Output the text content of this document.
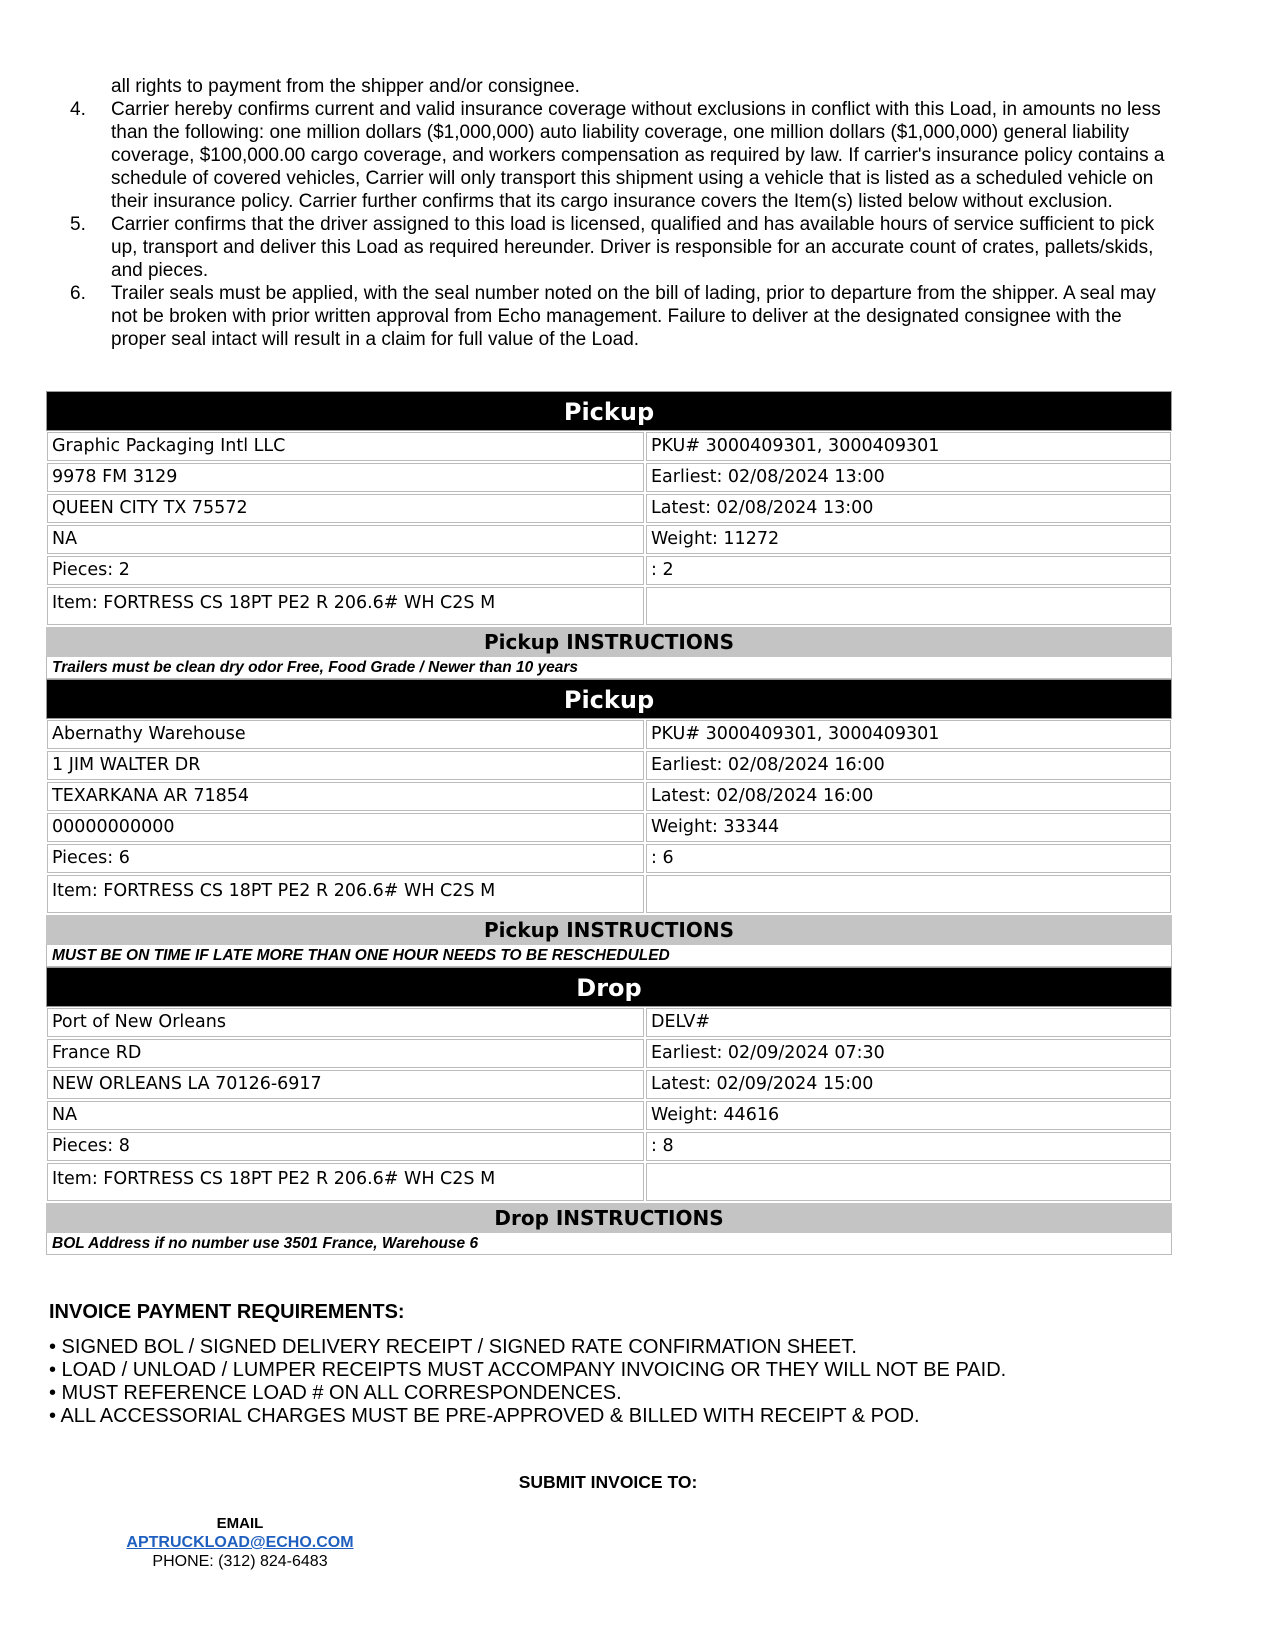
all rights to payment from the shipper and/or consignee.
4.	Carrier hereby confirms current and valid insurance coverage without exclusions in conflict with this Load, in amounts no less than the following: one million dollars ($1,000,000) auto liability coverage, one million dollars ($1,000,000) general liability coverage, $100,000.00 cargo coverage, and workers compensation as required by law. If carrier's insurance policy contains a schedule of covered vehicles, Carrier will only transport this shipment using a vehicle that is listed as a scheduled vehicle on their insurance policy. Carrier further confirms that its cargo insurance covers the Item(s) listed below without exclusion.
5.	Carrier confirms that the driver assigned to this load is licensed, qualified and has available hours of service sufficient to pick up, transport and deliver this Load as required hereunder. Driver is responsible for an accurate count of crates, pallets/skids, and pieces.
6.	Trailer seals must be applied, with the seal number noted on the bill of lading, prior to departure from the shipper. A seal may not be broken with prior written approval from Echo management. Failure to deliver at the designated consignee with the proper seal intact will result in a claim for full value of the Load.
Pickup
Graphic Packaging Intl LLC	PKU# 3000409301, 3000409301
9978 FM 3129	Earliest: 02/08/2024 13:00
QUEEN CITY TX 75572	Latest: 02/08/2024 13:00
NA	Weight: 11272
Pieces: 2	: 2
Item: FORTRESS CS 18PT PE2 R 206.6# WH C2S M
Pickup INSTRUCTIONS
Trailers must be clean dry odor Free, Food Grade / Newer than 10 years
Pickup
Abernathy Warehouse	PKU# 3000409301, 3000409301
1 JIM WALTER DR	Earliest: 02/08/2024 16:00
TEXARKANA AR 71854	Latest: 02/08/2024 16:00
00000000000	Weight: 33344
Pieces: 6	: 6
Item: FORTRESS CS 18PT PE2 R 206.6# WH C2S M
Pickup INSTRUCTIONS
MUST BE ON TIME IF LATE MORE THAN ONE HOUR NEEDS TO BE RESCHEDULED
Drop
Port of New Orleans	DELV#
France RD	Earliest: 02/09/2024 07:30
NEW ORLEANS LA 70126-6917	Latest: 02/09/2024 15:00
NA	Weight: 44616
Pieces: 8	: 8
Item: FORTRESS CS 18PT PE2 R 206.6# WH C2S M
Drop INSTRUCTIONS
BOL Address if no number use 3501 France, Warehouse 6
INVOICE PAYMENT REQUIREMENTS:
• SIGNED BOL / SIGNED DELIVERY RECEIPT / SIGNED RATE CONFIRMATION SHEET.
• LOAD / UNLOAD / LUMPER RECEIPTS MUST ACCOMPANY INVOICING OR THEY WILL NOT BE PAID.
• MUST REFERENCE LOAD # ON ALL CORRESPONDENCES.
• ALL ACCESSORIAL CHARGES MUST BE PRE-APPROVED & BILLED WITH RECEIPT & POD.
SUBMIT INVOICE TO:
EMAIL
APTRUCKLOAD@ECHO.COM
PHONE: (312) 824-6483
